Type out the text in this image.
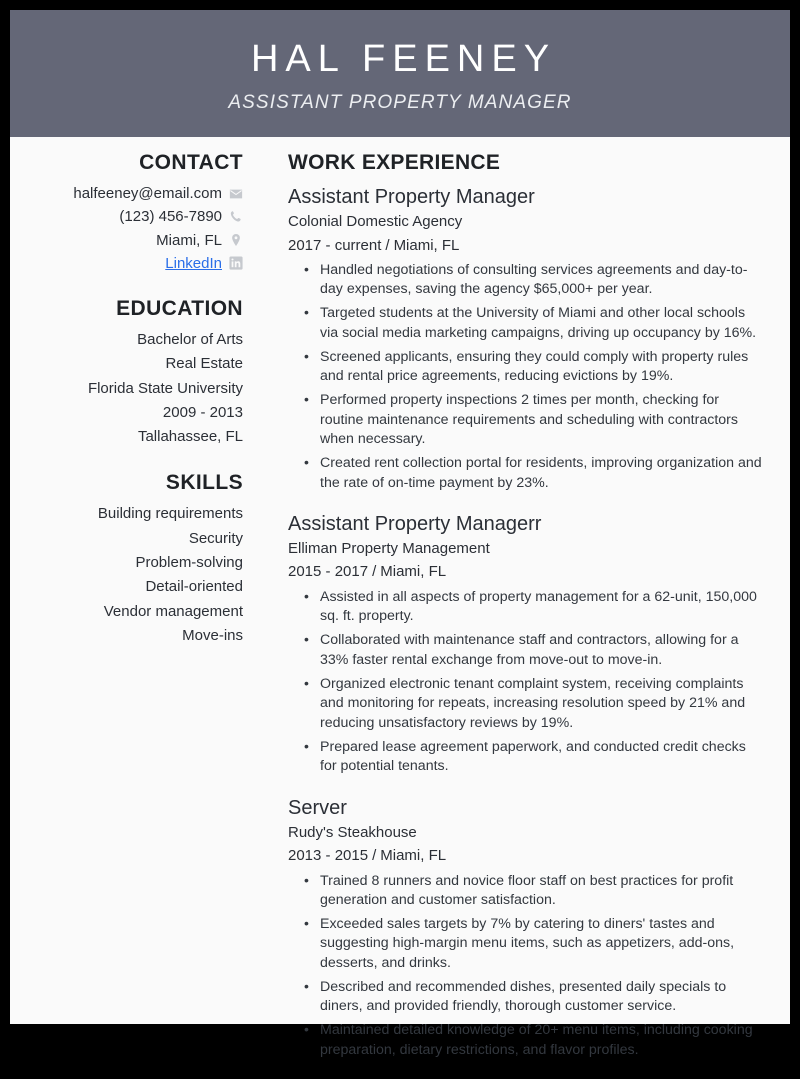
HAL FEENEY
ASSISTANT PROPERTY MANAGER
CONTACT
halfeeney@email.com
(123) 456-7890
Miami, FL
LinkedIn
EDUCATION
Bachelor of Arts
Real Estate
Florida State University
2009 - 2013
Tallahassee, FL
SKILLS
Building requirements
Security
Problem-solving
Detail-oriented
Vendor management
Move-ins
WORK EXPERIENCE
Assistant Property Manager
Colonial Domestic Agency
2017 - current / Miami, FL
• Handled negotiations of consulting services agreements and day-to-day expenses, saving the agency $65,000+ per year.
• Targeted students at the University of Miami and other local schools via social media marketing campaigns, driving up occupancy by 16%.
• Screened applicants, ensuring they could comply with property rules and rental price agreements, reducing evictions by 19%.
• Performed property inspections 2 times per month, checking for routine maintenance requirements and scheduling with contractors when necessary.
• Created rent collection portal for residents, improving organization and the rate of on-time payment by 23%.
Assistant Property Managerr
Elliman Property Management
2015 - 2017 / Miami, FL
• Assisted in all aspects of property management for a 62-unit, 150,000 sq. ft. property.
• Collaborated with maintenance staff and contractors, allowing for a 33% faster rental exchange from move-out to move-in.
• Organized electronic tenant complaint system, receiving complaints and monitoring for repeats, increasing resolution speed by 21% and reducing unsatisfactory reviews by 19%.
• Prepared lease agreement paperwork, and conducted credit checks for potential tenants.
Server
Rudy's Steakhouse
2013 - 2015 / Miami, FL
• Trained 8 runners and novice floor staff on best practices for profit generation and customer satisfaction.
• Exceeded sales targets by 7% by catering to diners' tastes and suggesting high-margin menu items, such as appetizers, add-ons, desserts, and drinks.
• Described and recommended dishes, presented daily specials to diners, and provided friendly, thorough customer service.
• Maintained detailed knowledge of 20+ menu items, including cooking preparation, dietary restrictions, and flavor profiles.
